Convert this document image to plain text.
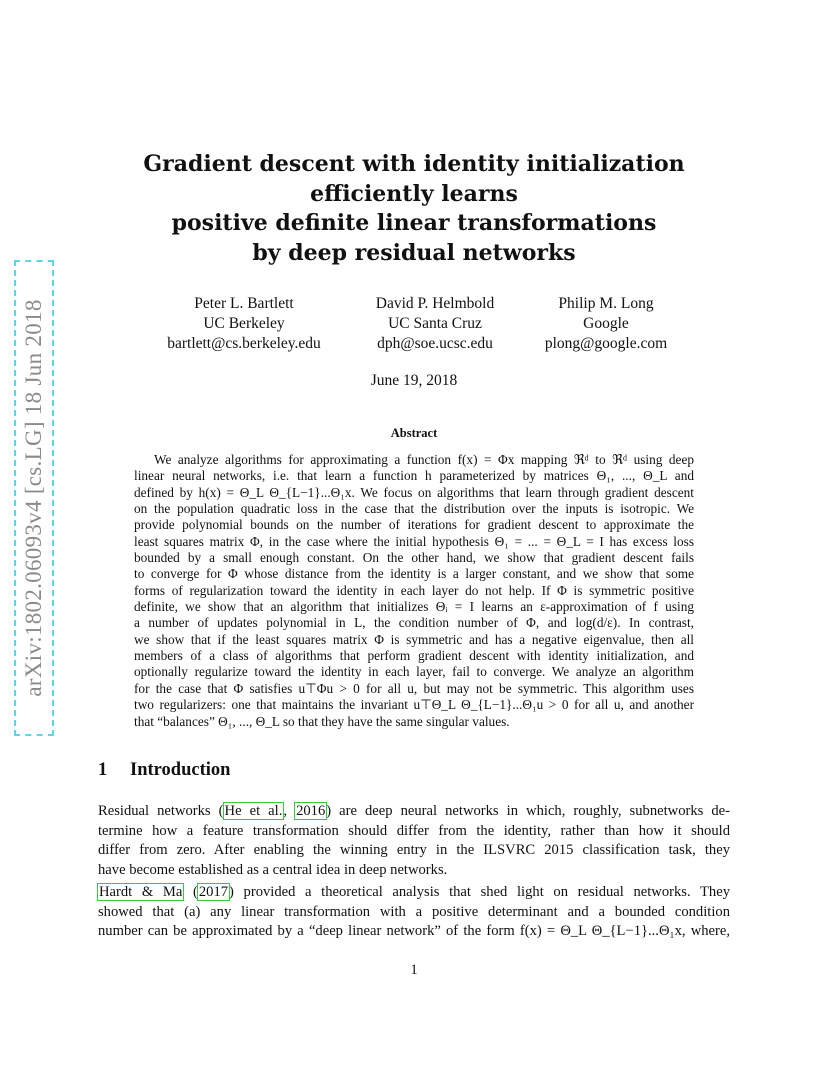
arXiv:1802.06093v4 [cs.LG] 18 Jun 2018
Gradient descent with identity initialization
efficiently learns
positive definite linear transformations
by deep residual networks
Peter L. Bartlett
UC Berkeley
bartlett@cs.berkeley.edu
David P. Helmbold
UC Santa Cruz
dph@soe.ucsc.edu
Philip M. Long
Google
plong@google.com
June 19, 2018
Abstract
We analyze algorithms for approximating a function f(x) = Φx mapping ℜᵈ to ℜᵈ using deep
linear neural networks, i.e. that learn a function h parameterized by matrices Θ₁, ..., Θ_L and
defined by h(x) = Θ_L Θ_{L−1}...Θ₁x. We focus on algorithms that learn through gradient descent
on the population quadratic loss in the case that the distribution over the inputs is isotropic. We
provide polynomial bounds on the number of iterations for gradient descent to approximate the
least squares matrix Φ, in the case where the initial hypothesis Θ₁ = ... = Θ_L = I has excess loss
bounded by a small enough constant. On the other hand, we show that gradient descent fails
to converge for Φ whose distance from the identity is a larger constant, and we show that some
forms of regularization toward the identity in each layer do not help. If Φ is symmetric positive
definite, we show that an algorithm that initializes Θᵢ = I learns an ε-approximation of f using
a number of updates polynomial in L, the condition number of Φ, and log(d/ε). In contrast,
we show that if the least squares matrix Φ is symmetric and has a negative eigenvalue, then all
members of a class of algorithms that perform gradient descent with identity initialization, and
optionally regularize toward the identity in each layer, fail to converge. We analyze an algorithm
for the case that Φ satisfies u⊤Φu > 0 for all u, but may not be symmetric. This algorithm uses
two regularizers: one that maintains the invariant u⊤Θ_L Θ_{L−1}...Θ₁u > 0 for all u, and another
that “balances” Θ₁, ..., Θ_L so that they have the same singular values.
1 Introduction
Residual networks (He et al., 2016) are deep neural networks in which, roughly, subnetworks de-
termine how a feature transformation should differ from the identity, rather than how it should
differ from zero. After enabling the winning entry in the ILSVRC 2015 classification task, they
have become established as a central idea in deep networks.
Hardt & Ma (2017) provided a theoretical analysis that shed light on residual networks. They
showed that (a) any linear transformation with a positive determinant and a bounded condition
number can be approximated by a “deep linear network” of the form f(x) = Θ_L Θ_{L−1}...Θ₁x, where,
1
